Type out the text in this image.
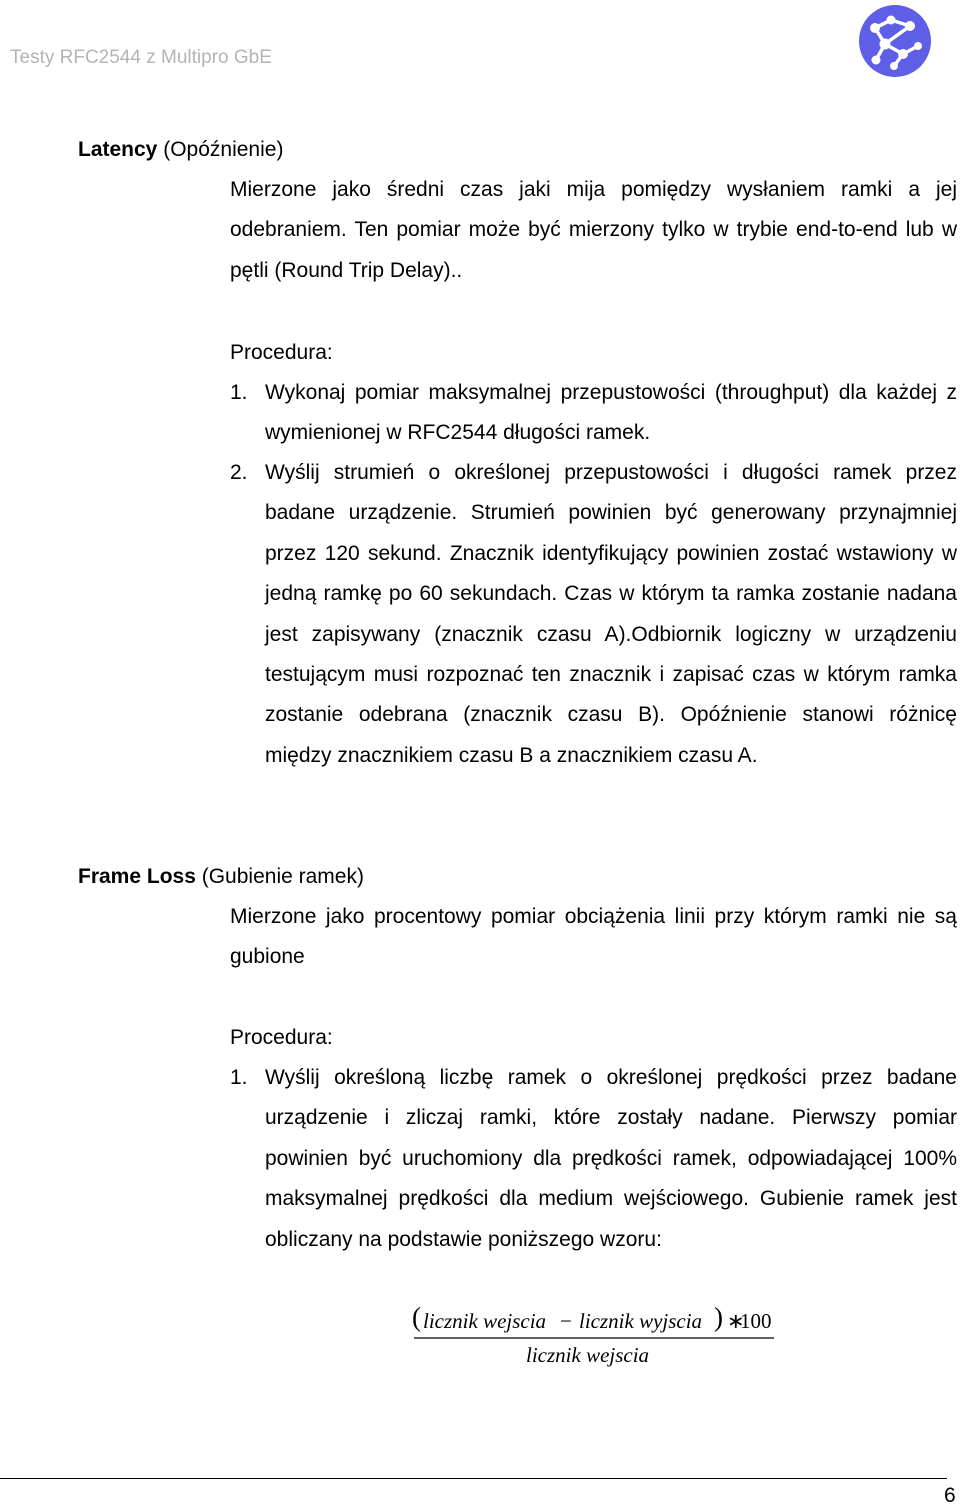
Testy RFC2544 z Multipro GbE
Latency (Opóźnienie)
Mierzone jako średni czas jaki mija pomiędzy wysłaniem ramki a jej odebraniem. Ten pomiar może być mierzony tylko w trybie end-to-end lub w pętli (Round Trip Delay)..
Procedura:
1. Wykonaj pomiar maksymalnej przepustowości (throughput) dla każdej z wymienionej w RFC2544 długości ramek.
2. Wyślij strumień o określonej przepustowości i długości ramek przez badane urządzenie. Strumień powinien być generowany przynajmniej przez 120 sekund. Znacznik identyfikujący powinien zostać wstawiony w jedną ramkę po 60 sekundach. Czas w którym ta ramka zostanie nadana jest zapisywany (znacznik czasu A).Odbiornik logiczny w urządzeniu testującym musi rozpoznać ten znacznik i zapisać czas w którym ramka zostanie odebrana (znacznik czasu B). Opóźnienie stanowi różnicę między znacznikiem czasu B a znacznikiem czasu A.
Frame Loss (Gubienie ramek)
Mierzone jako procentowy pomiar obciążenia linii przy którym ramki nie są gubione
Procedura:
1. Wyślij określoną liczbę ramek o określonej prędkości przez badane urządzenie i zliczaj ramki, które zostały nadane. Pierwszy pomiar powinien być uruchomiony dla prędkości ramek, odpowiadającej 100% maksymalnej prędkości dla medium wejściowego. Gubienie ramek jest obliczany na podstawie poniższego wzoru:
( licznik wejscia − licznik wyjscia ) ∗
100
licznik wejscia
6
